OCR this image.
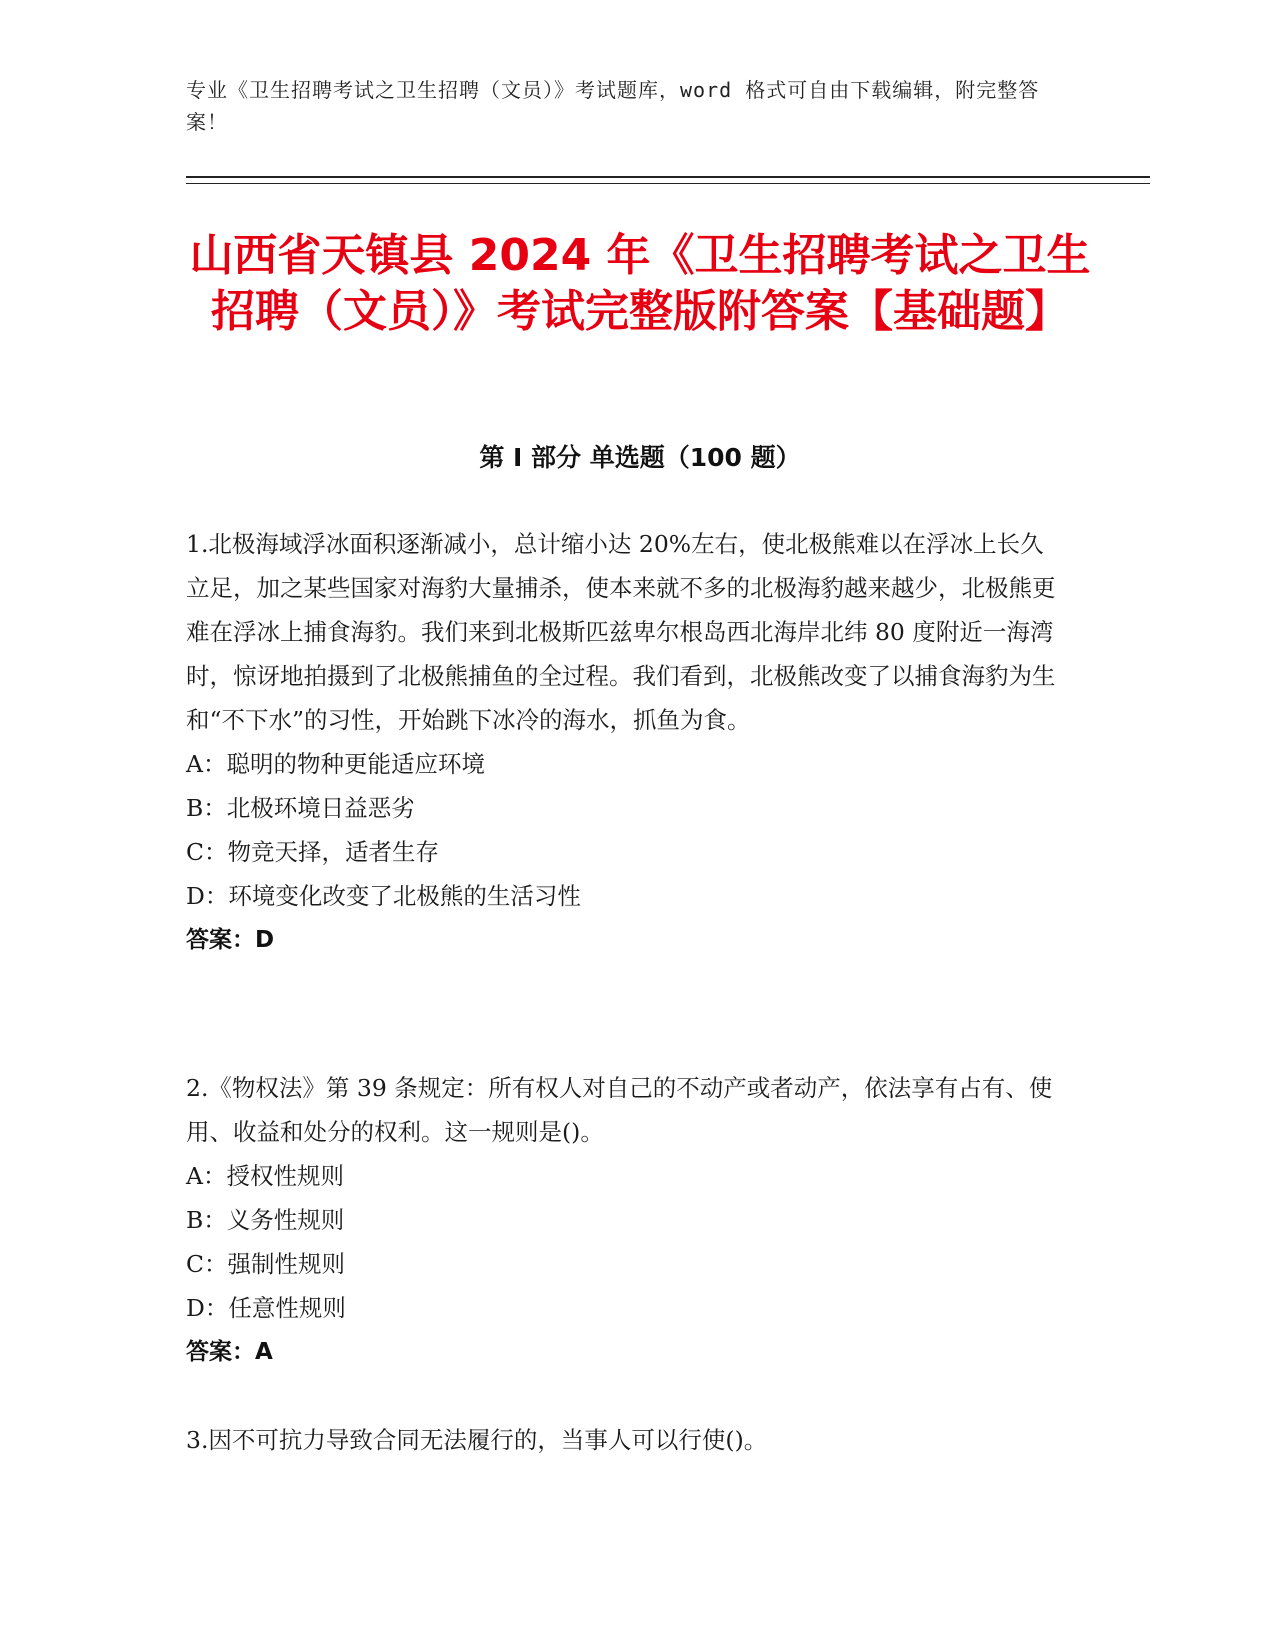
专业《卫生招聘考试之卫生招聘（文员）》考试题库，word 格式可自由下载编辑，附完整答案！
山西省天镇县 2024 年《卫生招聘考试之卫生招聘（文员）》考试完整版附答案【基础题】
第 I 部分 单选题（100 题）

1.北极海域浮冰面积逐渐减小，总计缩小达 20%左右，使北极熊难以在浮冰上长久立足，加之某些国家对海豹大量捕杀，使本来就不多的北极海豹越来越少，北极熊更难在浮冰上捕食海豹。我们来到北极斯匹兹卑尔根岛西北海岸北纬 80 度附近一海湾时，惊讶地拍摄到了北极熊捕鱼的全过程。我们看到，北极熊改变了以捕食海豹为生和“不下水”的习性，开始跳下冰冷的海水，抓鱼为食。

A：聪明的物种更能适应环境

B：北极环境日益恶劣

C：物竞天择，适者生存

D：环境变化改变了北极熊的生活习性

答案：D

2.《物权法》第 39 条规定：所有权人对自己的不动产或者动产，依法享有占有、使用、收益和处分的权利。这一规则是()。

A：授权性规则

B：义务性规则

C：强制性规则

D：任意性规则

答案：A

3.因不可抗力导致合同无法履行的，当事人可以行使()。
